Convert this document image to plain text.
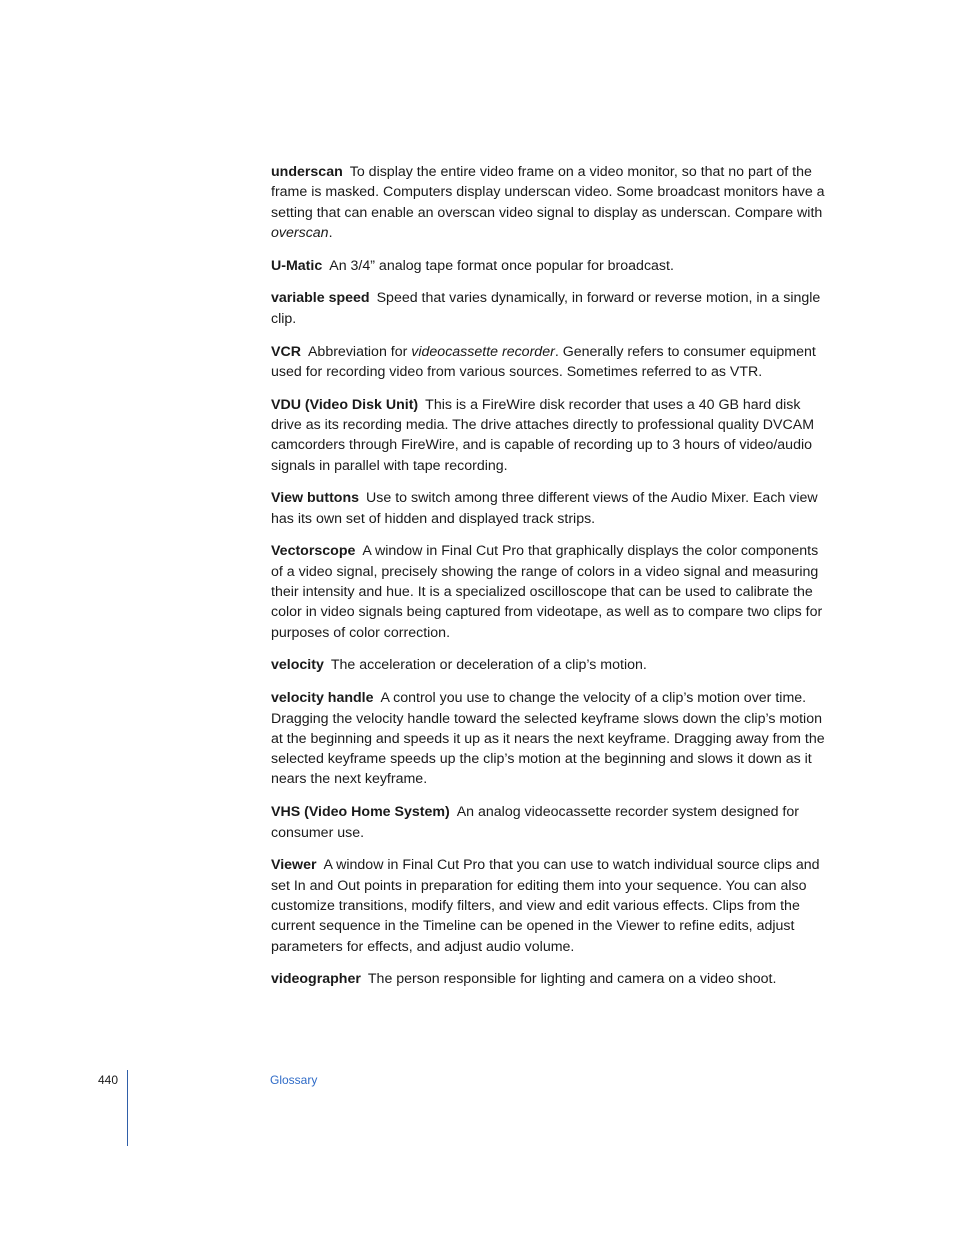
underscan To display the entire video frame on a video monitor, so that no part of the frame is masked. Computers display underscan video. Some broadcast monitors have a setting that can enable an overscan video signal to display as underscan. Compare with overscan.

U-Matic An 3/4” analog tape format once popular for broadcast.

variable speed Speed that varies dynamically, in forward or reverse motion, in a single clip.

VCR Abbreviation for videocassette recorder. Generally refers to consumer equipment used for recording video from various sources. Sometimes referred to as VTR.

VDU (Video Disk Unit) This is a FireWire disk recorder that uses a 40 GB hard disk drive as its recording media. The drive attaches directly to professional quality DVCAM camcorders through FireWire, and is capable of recording up to 3 hours of video/audio signals in parallel with tape recording.

View buttons Use to switch among three different views of the Audio Mixer. Each view has its own set of hidden and displayed track strips.

Vectorscope A window in Final Cut Pro that graphically displays the color components of a video signal, precisely showing the range of colors in a video signal and measuring their intensity and hue. It is a specialized oscilloscope that can be used to calibrate the color in video signals being captured from videotape, as well as to compare two clips for purposes of color correction.

velocity The acceleration or deceleration of a clip’s motion.

velocity handle A control you use to change the velocity of a clip’s motion over time. Dragging the velocity handle toward the selected keyframe slows down the clip’s motion at the beginning and speeds it up as it nears the next keyframe. Dragging away from the selected keyframe speeds up the clip’s motion at the beginning and slows it down as it nears the next keyframe.

VHS (Video Home System) An analog videocassette recorder system designed for consumer use.

Viewer A window in Final Cut Pro that you can use to watch individual source clips and set In and Out points in preparation for editing them into your sequence. You can also customize transitions, modify filters, and view and edit various effects. Clips from the current sequence in the Timeline can be opened in the Viewer to refine edits, adjust parameters for effects, and adjust audio volume.

videographer The person responsible for lighting and camera on a video shoot.

440	Glossary
